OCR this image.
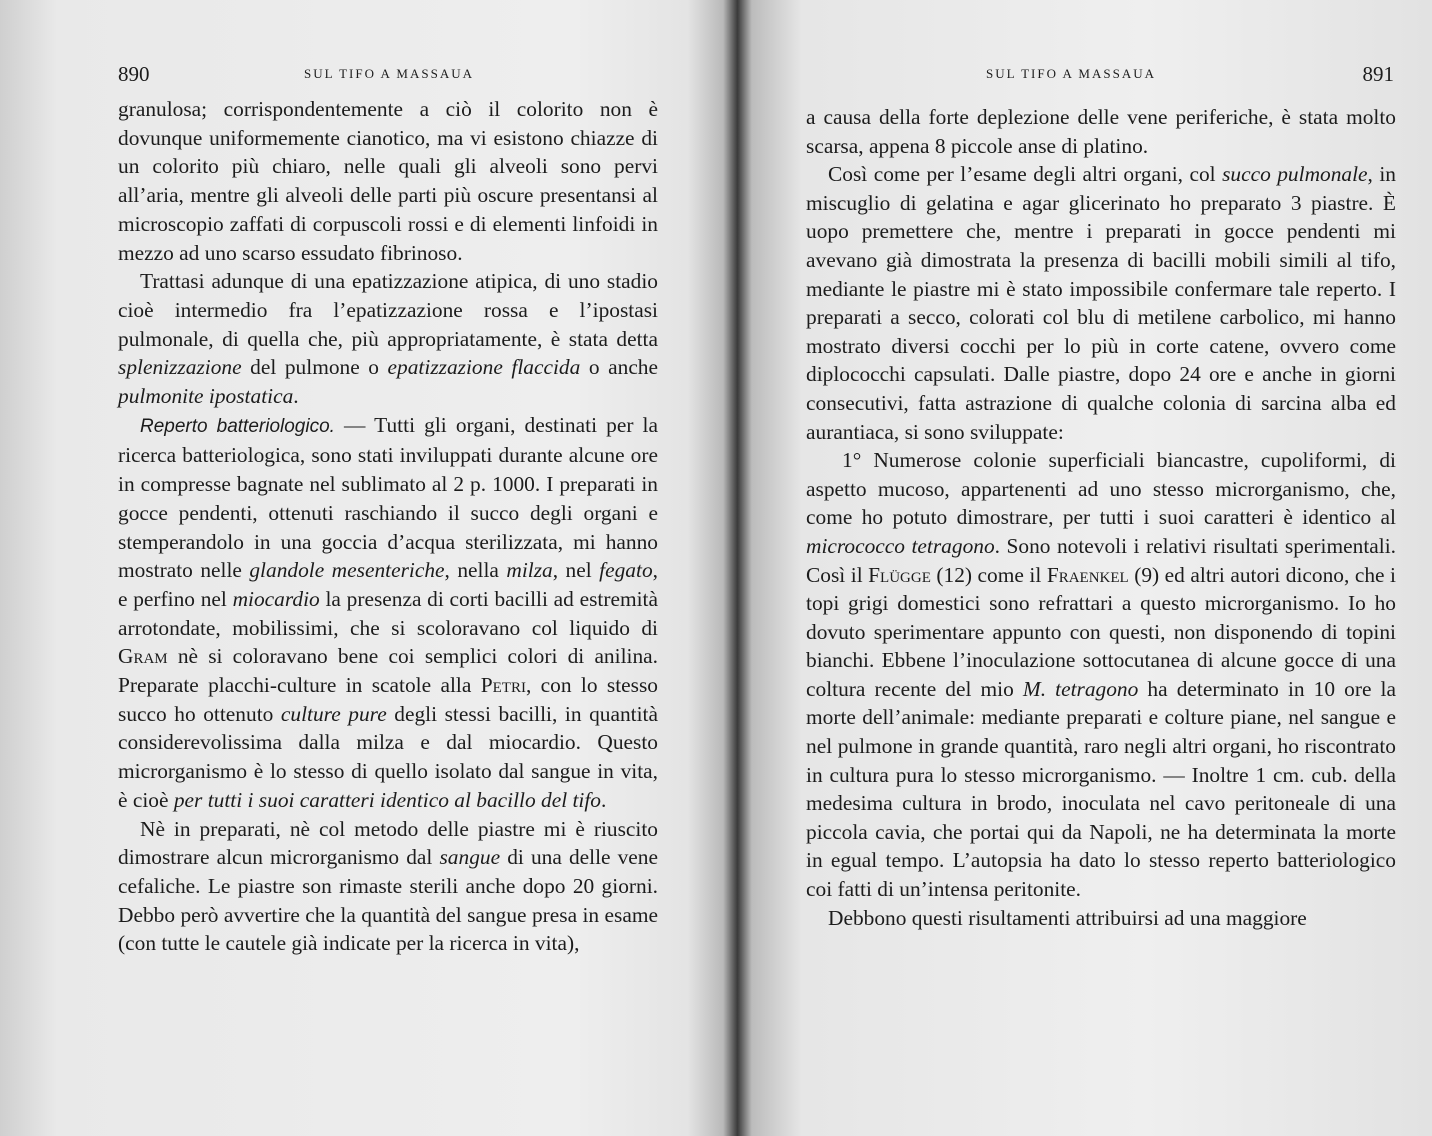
890	SUL TIFO A MASSAUA

granulosa; corrispondentemente a ciò il colorito non è dovunque uniformemente cianotico, ma vi esistono chiazze di un colorito più chiaro, nelle quali gli alveoli sono pervi all’aria, mentre gli alveoli delle parti più oscure presentansi al microscopio zaffati di corpuscoli rossi e di elementi linfoidi in mezzo ad uno scarso essudato fibrinoso.

Trattasi adunque di una epatizzazione atipica, di uno stadio cioè intermedio fra l’epatizzazione rossa e l’ipostasi pulmonale, di quella che, più appropriatamente, è stata detta splenizzazione del pulmone o epatizzazione flaccida o anche pulmonite ipostatica.

Reperto batteriologico. — Tutti gli organi, destinati per la ricerca batteriologica, sono stati inviluppati durante alcune ore in compresse bagnate nel sublimato al 2 p. 1000. I preparati in gocce pendenti, ottenuti raschiando il succo degli organi e stemperandolo in una goccia d’acqua sterilizzata, mi hanno mostrato nelle glandole mesenteriche, nella milza, nel fegato, e perfino nel miocardio la presenza di corti bacilli ad estremità arrotondate, mobilissimi, che si scoloravano col liquido di Gram nè si coloravano bene coi semplici colori di anilina. Preparate placchi-culture in scatole alla Petri, con lo stesso succo ho ottenuto culture pure degli stessi bacilli, in quantità considerevolissima dalla milza e dal miocardio. Questo microrganismo è lo stesso di quello isolato dal sangue in vita, è cioè per tutti i suoi caratteri identico al bacillo del tifo.

Nè in preparati, nè col metodo delle piastre mi è riuscito dimostrare alcun microrganismo dal sangue di una delle vene cefaliche. Le piastre son rimaste sterili anche dopo 20 giorni. Debbo però avvertire che la quantità del sangue presa in esame (con tutte le cautele già indicate per la ricerca in vita),

SUL TIFO A MASSAUA	891

a causa della forte deplezione delle vene periferiche, è stata molto scarsa, appena 8 piccole anse di platino.

Così come per l’esame degli altri organi, col succo pulmonale, in miscuglio di gelatina e agar glicerinato ho preparato 3 piastre. È uopo premettere che, mentre i preparati in gocce pendenti mi avevano già dimostrata la presenza di bacilli mobili simili al tifo, mediante le piastre mi è stato impossibile confermare tale reperto. I preparati a secco, colorati col blu di metilene carbolico, mi hanno mostrato diversi cocchi per lo più in corte catene, ovvero come diplococchi capsulati. Dalle piastre, dopo 24 ore e anche in giorni consecutivi, fatta astrazione di qualche colonia di sarcina alba ed aurantiaca, si sono sviluppate:

1° Numerose colonie superficiali biancastre, cupoliformi, di aspetto mucoso, appartenenti ad uno stesso microrganismo, che, come ho potuto dimostrare, per tutti i suoi caratteri è identico al micrococco tetragono. Sono notevoli i relativi risultati sperimentali. Così il Flügge (12) come il Fraenkel (9) ed altri autori dicono, che i topi grigi domestici sono refrattari a questo microrganismo. Io ho dovuto sperimentare appunto con questi, non disponendo di topini bianchi. Ebbene l’inoculazione sottocutanea di alcune gocce di una coltura recente del mio M. tetragono ha determinato in 10 ore la morte dell’animale: mediante preparati e colture piane, nel sangue e nel pulmone in grande quantità, raro negli altri organi, ho riscontrato in cultura pura lo stesso microrganismo. — Inoltre 1 cm. cub. della medesima cultura in brodo, inoculata nel cavo peritoneale di una piccola cavia, che portai qui da Napoli, ne ha determinata la morte in egual tempo. L’autopsia ha dato lo stesso reperto batteriologico coi fatti di un’intensa peritonite.

Debbono questi risultamenti attribuirsi ad una maggiore
